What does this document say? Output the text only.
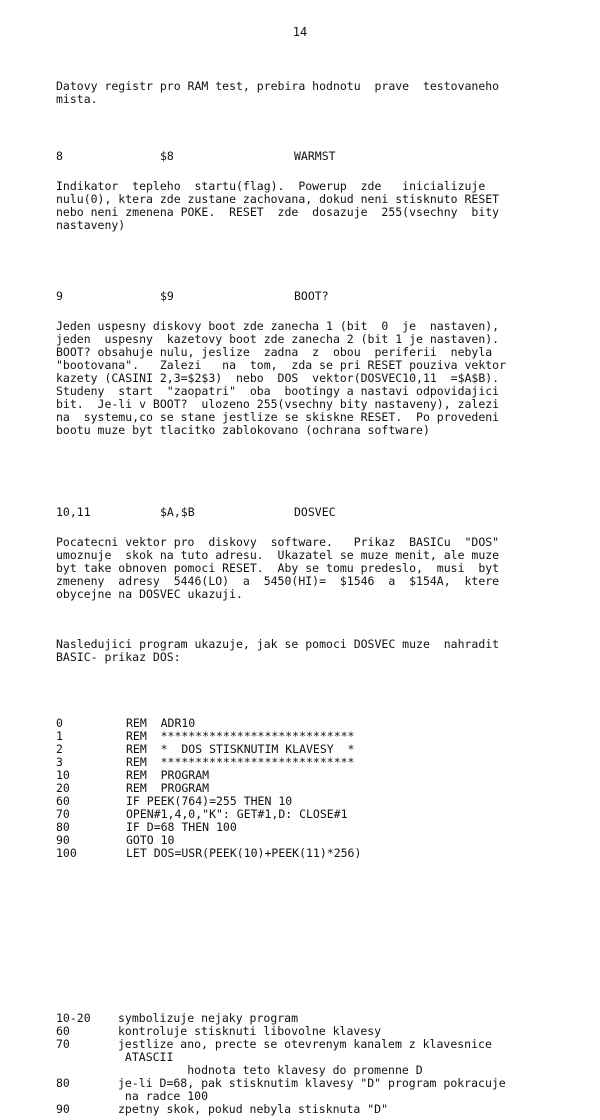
14
Datovy registr pro RAM test, prebira hodnotu  prave  testovaneho
mista.
8	$8	WARMST
Indikator  tepleho  startu(flag).  Powerup  zde   inicializuje
nulu(0), ktera zde zustane zachovana, dokud neni stisknuto RESET
nebo neni zmenena POKE.  RESET  zde  dosazuje  255(vsechny  bity
nastaveny)
9	$9	BOOT?
Jeden uspesny diskovy boot zde zanecha 1 (bit  0  je  nastaven),
jeden  uspesny  kazetovy boot zde zanecha 2 (bit 1 je nastaven).
BOOT? obsahuje nulu, jeslize  zadna  z  obou  periferii  nebyla
"bootovana".   Zalezi   na  tom,  zda se pri RESET pouziva vektor
kazety (CASINI 2,3=$2$3)  nebo  DOS  vektor(DOSVEC10,11  =$A$B).
Studeny  start  "zaopatri"  oba  bootingy a nastavi odpovidajici
bit.  Je-li v BOOT?  ulozeno 255(vsechny bity nastaveny), zalezi
na  systemu,co se stane jestlize se skiskne RESET.  Po provedeni
bootu muze byt tlacitko zablokovano (ochrana software)
10,11	$A,$B	DOSVEC
Pocatecni vektor pro  diskovy  software.   Prikaz  BASICu  "DOS"
umoznuje  skok na tuto adresu.  Ukazatel se muze menit, ale muze
byt take obnoven pomoci RESET.  Aby se tomu predeslo,  musi  byt
zmeneny  adresy  5446(LO)  a  5450(HI)=  $1546  a  $154A,  ktere
obycejne na DOSVEC ukazuji.
Nasledujici program ukazuje, jak se pomoci DOSVEC muze  nahradit
BASIC- prikaz DOS:
0	REM  ADR10
1	REM  ****************************
2	REM  *  DOS STISKNUTIM KLAVESY  *
3	REM  ****************************
10	REM  PROGRAM
20	REM  PROGRAM
60	IF PEEK(764)=255 THEN 10
70	OPEN#1,4,0,"K": GET#1,D: CLOSE#1
80	IF D=68 THEN 100
90	GOTO 10
100	LET DOS=USR(PEEK(10)+PEEK(11)*256)
10-20 symbolizuje nejaky program
60	kontroluje stisknuti libovolne klavesy
70	jestlize ano, precte se otevrenym kanalem z klavesnice
ATASCII
hodnota teto klavesy do promenne D
80	je-li D=68, pak stisknutim klavesy "D" program pokracuje
na radce 100
90	zpetny skok, pokud nebyla stisknuta "D"
